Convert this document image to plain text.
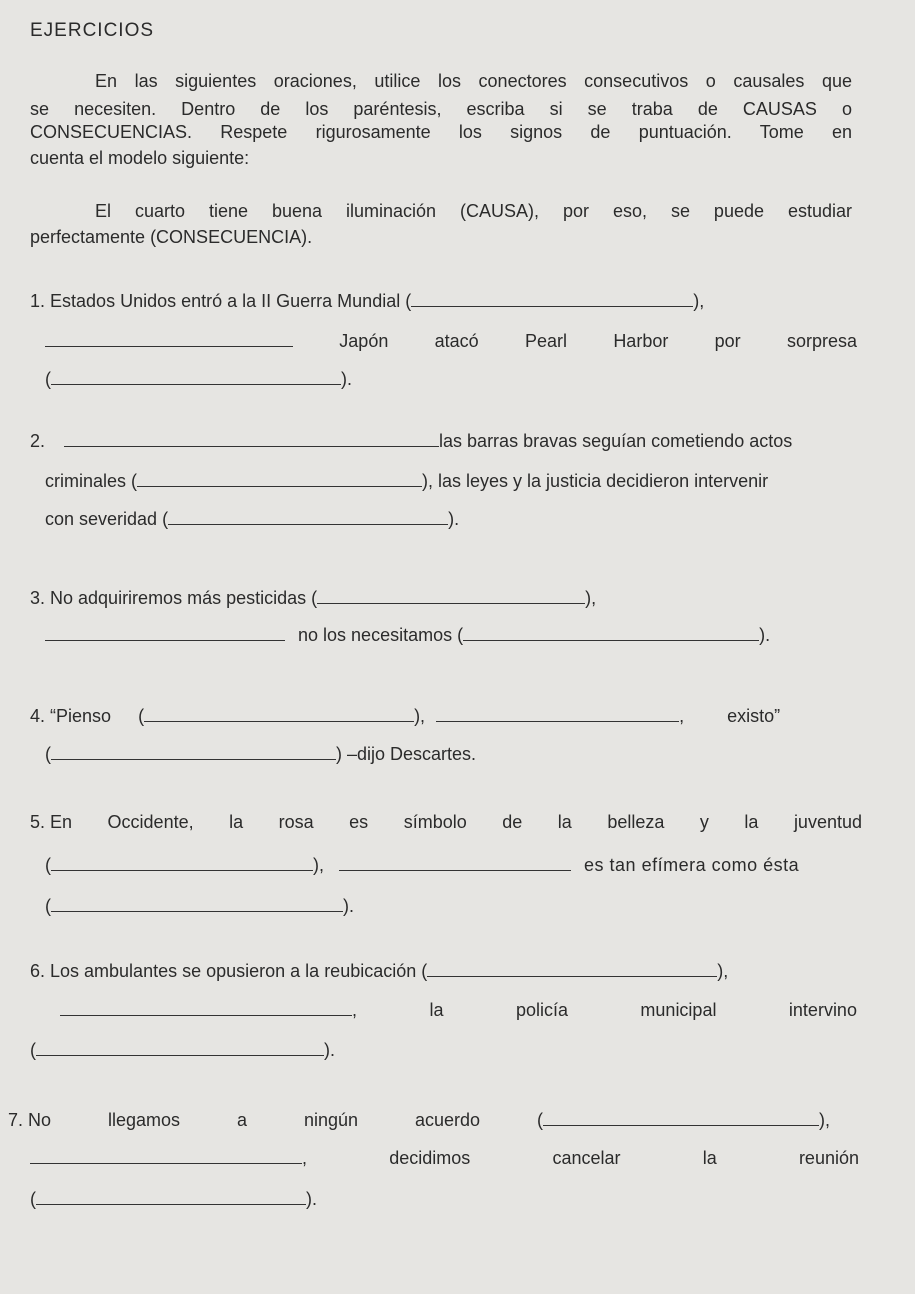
EJERCICIOS
En las siguientes oraciones, utilice los conectores consecutivos o causales que
se necesiten. Dentro de los paréntesis, escriba si se traba de CAUSAS o
CONSECUENCIAS. Respete rigurosamente los signos de puntuación. Tome en
cuenta el modelo siguiente:
El cuarto tiene buena iluminación (CAUSA), por eso, se puede estudiar
perfectamente (CONSECUENCIA).
1. Estados Unidos entró a la II Guerra Mundial (	),
Japón	atacó	Pearl	Harbor	por	sorpresa
(	).
2.	las barras bravas seguían cometiendo actos
criminales (	), las leyes y la justicia decidieron intervenir
con severidad (	).
3. No adquiriremos más pesticidas (	),
no los necesitamos (	).
4. “Pienso (	),	, existo”
(	) –dijo Descartes.
5. En Occidente, la rosa es símbolo de la belleza y la juventud
(	),	es tan efímera como ésta
(	).
6. Los ambulantes se opusieron a la reubicación (	),
,	la	policía	municipal	intervino
(	).
7. No	llegamos	a	ningún	acuerdo	(	),
,	decidimos	cancelar	la	reunión
(	).
